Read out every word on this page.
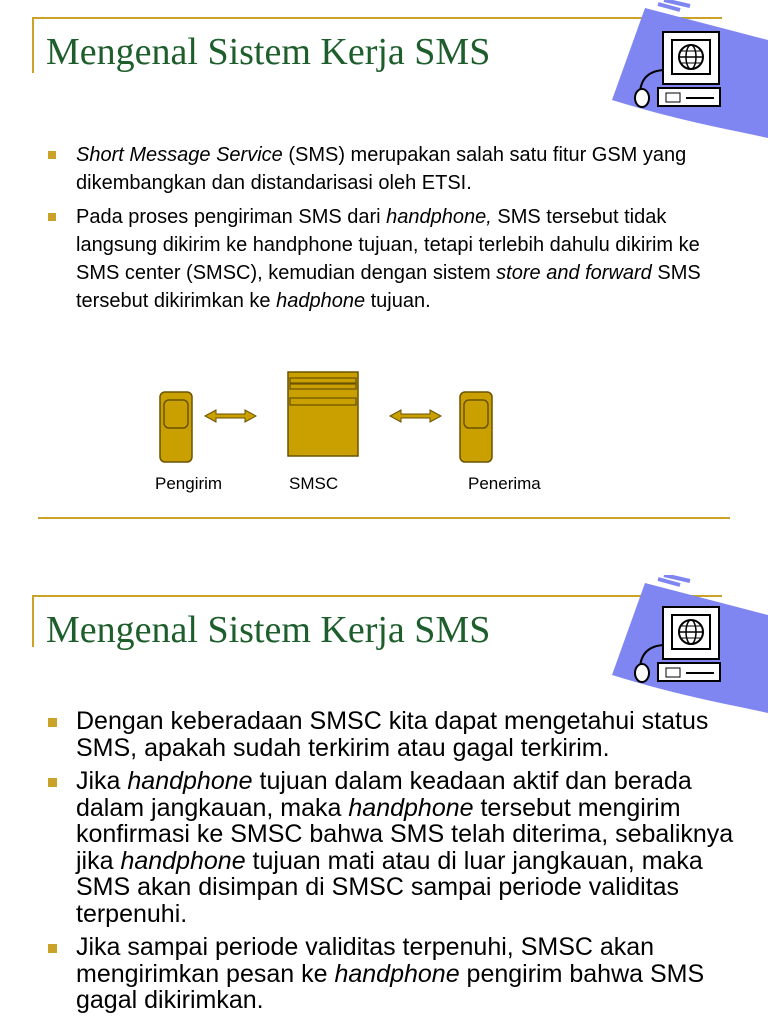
Mengenal Sistem Kerja SMS
Short Message Service (SMS) merupakan salah satu fitur GSM yang dikembangkan dan distandarisasi oleh ETSI.
Pada proses pengiriman SMS dari handphone, SMS tersebut tidak langsung dikirim ke handphone tujuan, tetapi terlebih dahulu dikirim ke SMS center (SMSC), kemudian dengan sistem store and forward SMS tersebut dikirimkan ke hadphone tujuan.
Pengirim	SMSC	Penerima
Mengenal Sistem Kerja SMS
Dengan keberadaan SMSC kita dapat mengetahui status SMS, apakah sudah terkirim atau gagal terkirim.
Jika handphone tujuan dalam keadaan aktif dan berada dalam jangkauan, maka handphone tersebut mengirim konfirmasi ke SMSC bahwa SMS telah diterima, sebaliknya jika handphone tujuan mati atau di luar jangkauan, maka SMS akan disimpan di SMSC sampai periode validitas terpenuhi.
Jika sampai periode validitas terpenuhi, SMSC akan mengirimkan pesan ke handphone pengirim bahwa SMS gagal dikirimkan.
